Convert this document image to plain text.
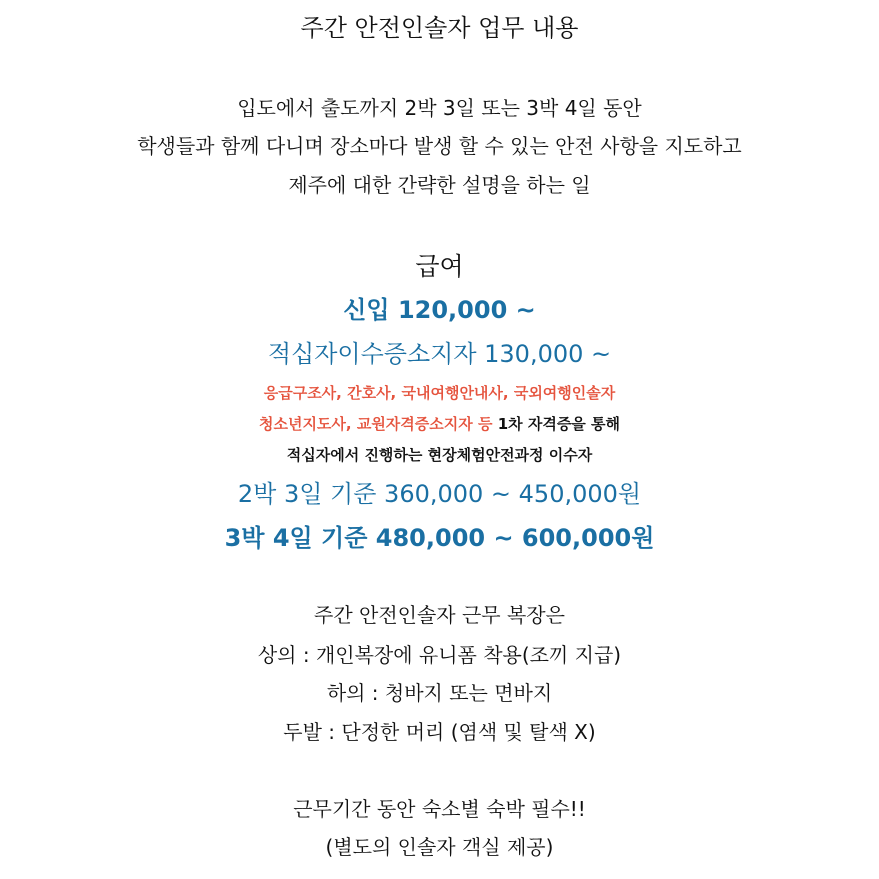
주간 안전인솔자 업무 내용
입도에서 출도까지 2박 3일 또는 3박 4일 동안
학생들과 함께 다니며 장소마다 발생 할 수 있는 안전 사항을 지도하고
제주에 대한 간략한 설명을 하는 일
급여
신입 120,000 ~
적십자이수증소지자 130,000 ~
응급구조사, 간호사, 국내여행안내사, 국외여행인솔자
청소년지도사, 교원자격증소지자 등 1차 자격증을 통해
적십자에서 진행하는 현장체험안전과정 이수자
2박 3일 기준 360,000 ~ 450,000원
3박 4일 기준 480,000 ~ 600,000원
주간 안전인솔자 근무 복장은
상의 : 개인복장에 유니폼 착용(조끼 지급)
하의 : 청바지 또는 면바지
두발 : 단정한 머리 (염색 및 탈색 X)
근무기간 동안 숙소별 숙박 필수!!
(별도의 인솔자 객실 제공)
